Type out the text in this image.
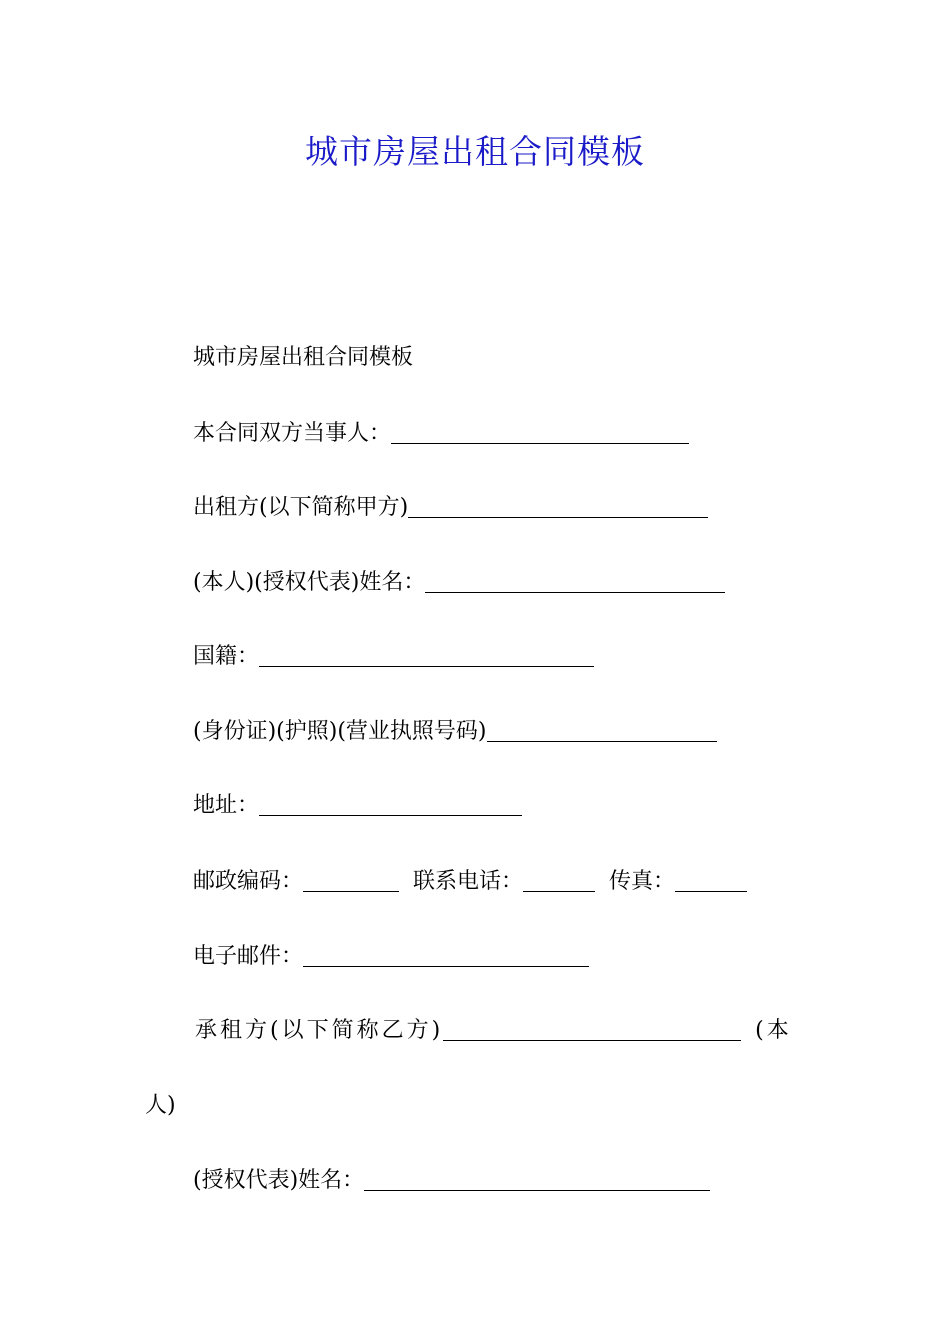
城市房屋出租合同模板
城市房屋出租合同模板
本合同双方当事人：
出租方(以下简称甲方)
(本人)(授权代表)姓名：
国籍：
(身份证)(护照)(营业执照号码)
地址：
邮政编码：	联系电话：	传真：
电子邮件：
承租方(以下简称乙方)	(本
人)
(授权代表)姓名：
